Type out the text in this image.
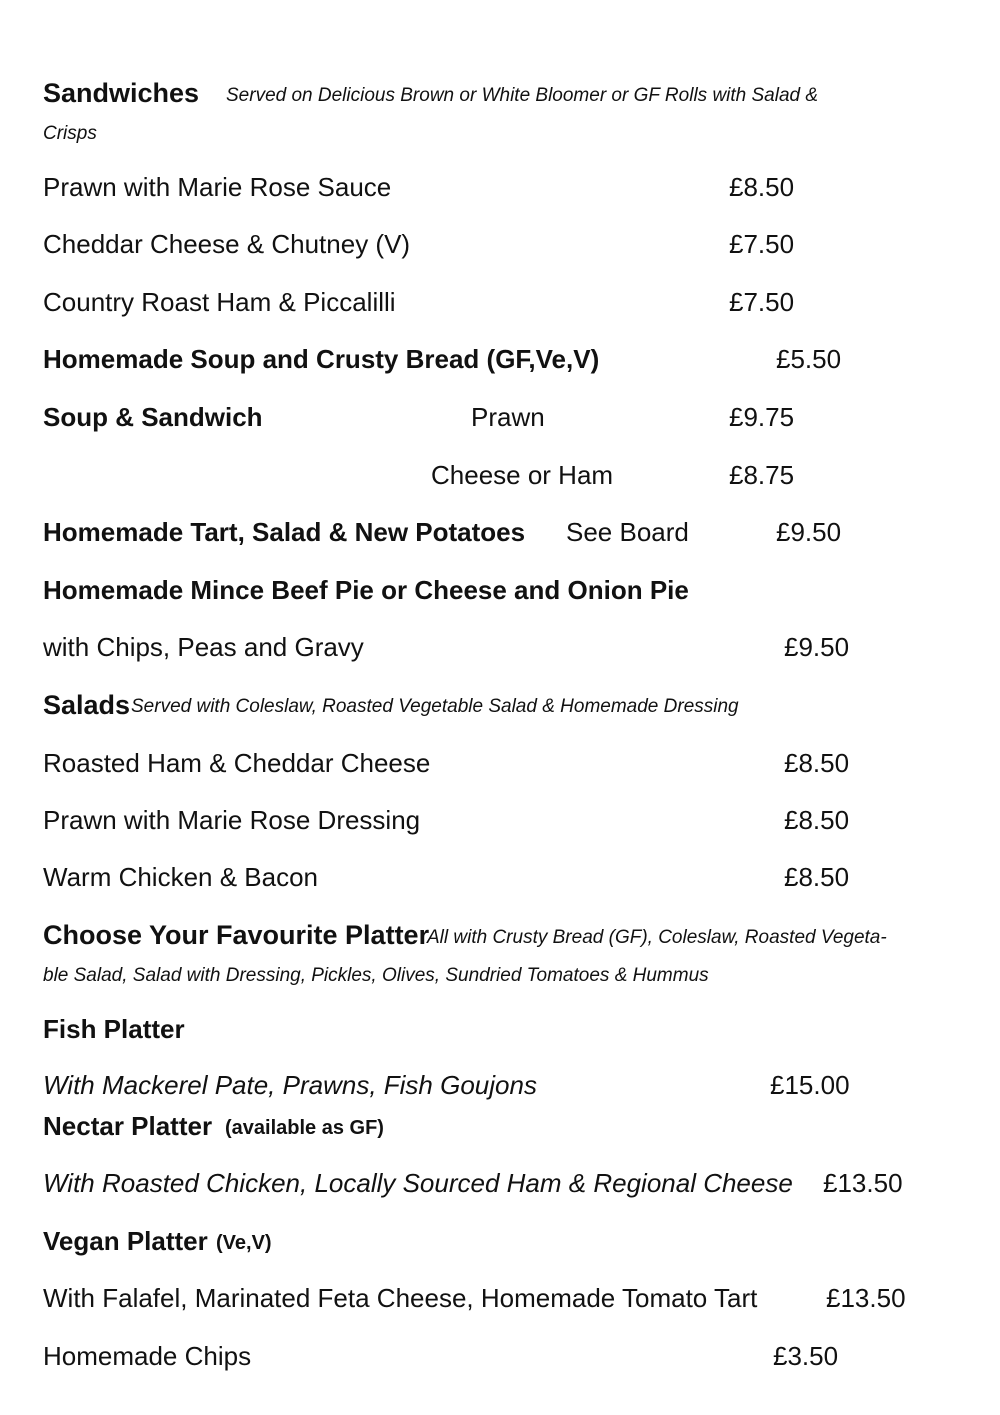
Sandwiches Served on Delicious Brown or White Bloomer or GF Rolls with Salad &
Crisps
Prawn with Marie Rose Sauce	£8.50
Cheddar Cheese & Chutney (V)	£7.50
Country Roast Ham & Piccalilli	£7.50
Homemade Soup and Crusty Bread (GF,Ve,V)	£5.50
Soup & Sandwich	Prawn	£9.75
Cheese or Ham	£8.75
Homemade Tart, Salad & New Potatoes See Board	£9.50
Homemade Mince Beef Pie or Cheese and Onion Pie
with Chips, Peas and Gravy	£9.50
Salads Served with Coleslaw, Roasted Vegetable Salad & Homemade Dressing
Roasted Ham & Cheddar Cheese	£8.50
Prawn with Marie Rose Dressing	£8.50
Warm Chicken & Bacon	£8.50
Choose Your Favourite Platter
All with Crusty Bread (GF), Coleslaw, Roasted Vegeta-
ble Salad, Salad with Dressing, Pickles, Olives, Sundried Tomatoes & Hummus
Fish Platter
With Mackerel Pate, Prawns, Fish Goujons	£15.00
Nectar Platter (available as GF)
With Roasted Chicken, Locally Sourced Ham & Regional Cheese £13.50
Vegan Platter (Ve,V)
With Falafel, Marinated Feta Cheese, Homemade Tomato Tart	£13.50
Homemade Chips	£3.50
